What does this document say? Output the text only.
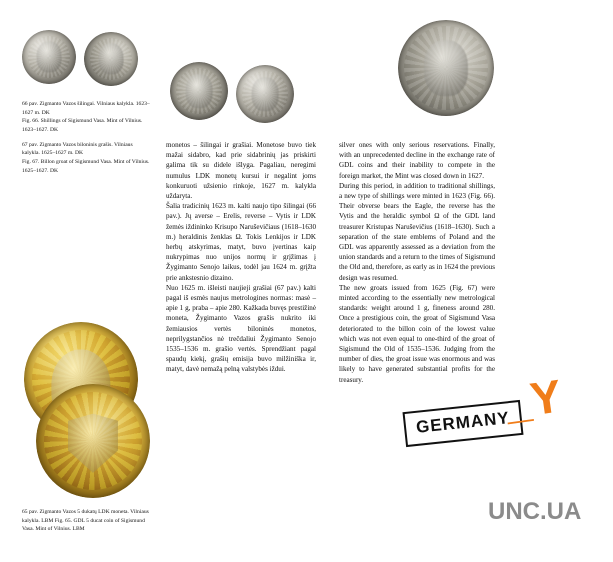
66 pav. Zigmanto Vazos šilingai. Vilniaus kalykla. 1623–1627 m. DK
Fig. 66. Shillings of Sigismund Vasa. Mint of Vilnius. 1623–1627. DK
67 pav. Zigmanto Vazos biloninis grašis. Vilniaus kalykla. 1625–1627 m. DK
Fig. 67. Billon groat of Sigismund Vasa. Mint of Vilnius. 1625–1627. DK
65 pav. Zigmanto Vazos 5 dukatų LDK moneta. Vilniaus kalykla. LBM Fig. 65. GDL 5 ducat coin of Sigismund Vasa. Mint of Vilnius. LBM

monetos – šilingai ir grašiai. Monetose buvo tiek mažai sidabro, kad prie sidabrinių jas priskirti galima tik su didele išlyga. Pagaliau, neregimi numulus LDK monetų kursui ir negalint joms konkuruoti užsienio rinkoje, 1627 m. kalykla uždaryta.

Šalia tradicinių 1623 m. kalti naujo tipo šilingai (66 pav.). Jų averse – Erelis, reverse – Vytis ir LDK žemės iždininko Krisupo Naruševičiaus (1618–1630 m.) heraldinis ženklas Ω. Tokis Lenkijos ir LDK herbų atskyrimas, matyt, buvo įvertinas kaip nukrypimas nuo unijos normų ir grįžimas į Žygimanto Senojo laikus, todėl jau 1624 m. grįžta prie ankstesnio dizaino.

Nuo 1625 m. išleisti naujieji grašiai (67 pav.) kalti pagal iš esmės naujus metrologines normas: masė – apie 1 g, praba – apie 280. Kažkada buvęs prestižinė moneta, Žygimanto Vazos grašis nukrito iki žemiausios vertės biloninės monetos, neprilygstančios nė trečdaliui Žygimanto Senojo 1535–1536 m. grašio vertės. Sprendžiant pagal spaudų kiekį, grašių emisija buvo milžiniška ir, matyt, davė nemažą pelną valstybės iždui.

silver ones with only serious reservations. Finally, with an unprecedented decline in the exchange rate of GDL coins and their inability to compete in the foreign market, the Mint was closed down in 1627.

During this period, in addition to traditional shillings, a new type of shillings were minted in 1623 (Fig. 66). Their obverse bears the Eagle, the reverse has the Vytis and the heraldic symbol Ω of the GDL land treasurer Kristupas Naruševičius (1618–1630). Such a separation of the state emblems of Poland and the GDL was apparently assessed as a deviation from the union standards and a return to the times of Sigismund the Old and, therefore, as early as in 1624 the previous design was resumed.

The new groats issued from 1625 (Fig. 67) were minted according to the essentially new metrological standards: weight around 1 g, fineness around 280. Once a prestigious coin, the groat of Sigismund Vasa deteriorated to the billon coin of the lowest value which was not even equal to one-third of the groat of Sigismund the Old of 1535–1536. Judging from the number of dies, the groat issue was enormous and was likely to have generated substantial profits for the treasury.	_Y
GERMANY
UNC.UA
